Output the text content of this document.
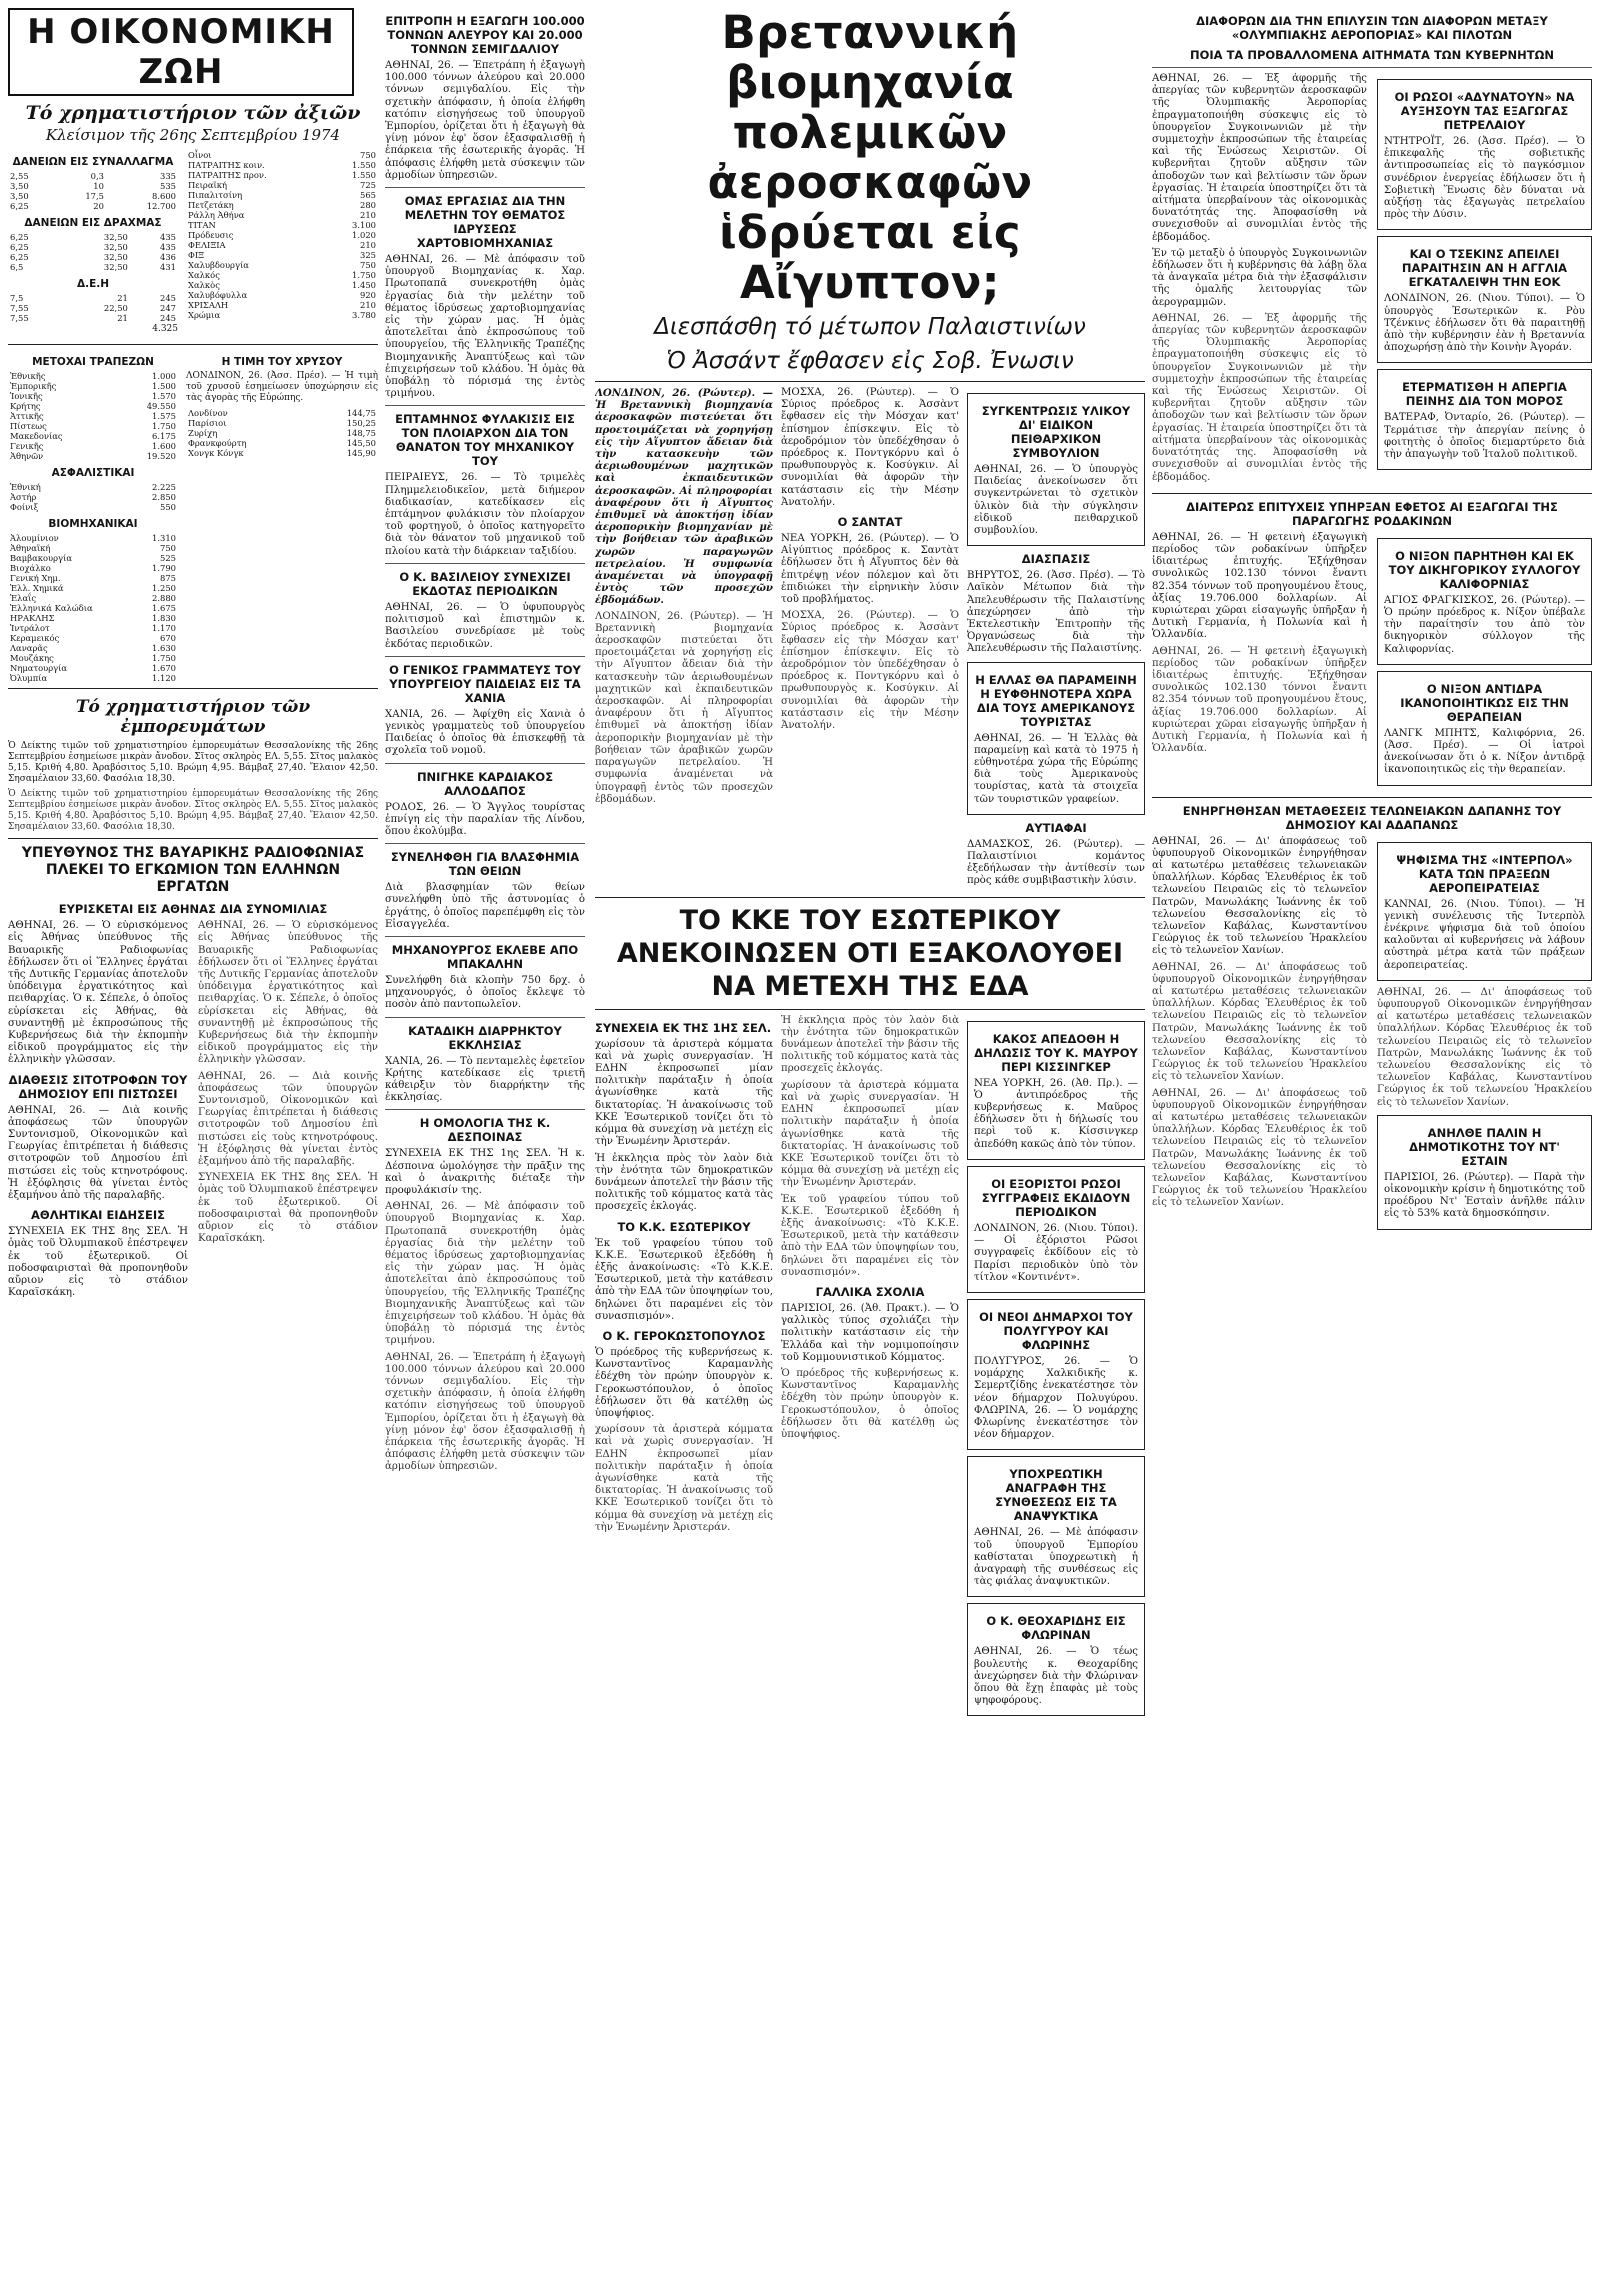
Η ΟΙΚΟΝΟΜΙΚΗ ΖΩΗ
Τό χρηματιστήριον τῶν ἀξιῶν
Κλείσιμον τῆς 26ης Σεπτεμβρίου 1974
ΔΑΝΕΙΩΝ ΕΙΣ ΣΥΝΑΛΛΑΓΜΑ
2,55	0,3	335
3,50	10	535
3,50	17,5	8.600
6,25	20	12.700
ΔΑΝΕΙΩΝ ΕΙΣ ΔΡΑΧΜΑΣ
6,25	32,50	435
6,25	32,50	435
6,25	32,50	436
6,5	32,50	431
Δ.Ε.Η
7,5	21	245
7,55	22,50	247
7,55	21	245
4.325
Οἶνοι	750
ΠΑΤΡΑΙΤΗΣ κοιν.	1.550
ΠΑΤΡΑΙΤΗΣ προν.	1.550
Πειραϊκή	725
Πιπαλιτσίνη	565
Πετζετάκη	280
Ράλλη Ἀθήνα	210
ΤΙΤΑΝ	3.100
Πρόδευσις	1.020
ΦΕΛΙΞΙΑ	210
ΦΙΞ	325
Χαλυβδουργία	750
Χαλκός	1.750
Χαλκὸς	1.450
Χαλυβόφυλλα	920
ΧΡΙΣΑΛΗ	210
Χρώμια	3.780
ΜΕΤΟΧΑΙ ΤΡΑΠΕΖΩΝ
Ἐθνικῆς	1.000
Ἐμπορικῆς	1.500
Ἰονικῆς	1.570
Κρήτης	49.550
Ἀττικῆς	1.575
Πίστεως	1.750
Μακεδονίας	6.175
Γενικῆς	1.600
Ἀθηνῶν	19.520
ΑΣΦΑΛΙΣΤΙΚΑΙ
Ἐθνική	2.225
Ἀστήρ	2.850
Φοίνιξ	550
ΒΙΟΜΗΧΑΝΙΚΑΙ
Ἀλουμίνιον	1.310
Ἀθηναϊκή	750
Βαμβακουργία	525
Βιοχάλκο	1.790
Γενική Χημ.	875
Ἑλλ. Χημικά	1.250
Ἐλαΐς	2.880
Ἑλληνικά Καλώδια	1.675
ΗΡΑΚΛΗΣ	1.830
Ἰντράλοτ	1.170
Κεραμεικός	670
Λαναρᾶς	1.630
Μουζάκης	1.750
Νηματουργία	1.670
Ὀλυμπία	1.120
Η ΤΙΜΗ ΤΟΥ ΧΡΥΣΟΥ
ΛΟΝΔΙΝΟΝ, 26. (Ἀσσ. Πρέσ). — Ἡ τιμὴ τοῦ χρυσοῦ ἐσημείωσεν ὑποχώρησιν εἰς τὰς ἀγορὰς τῆς Εὐρώπης.
Λονδίνον	144,75
Παρίσιοι	150,25
Ζυρίχη	148,75
Φρανκφούρτη	145,50
Χονγκ Κόνγκ	145,90
Τό χρηματιστήριον τῶν ἐμπορευμάτων
Ὁ Δείκτης τιμῶν τοῦ χρηματιστηρίου ἐμπορευμάτων Θεσσαλονίκης τῆς 26ης Σεπτεμβρίου ἐσημείωσε μικρὰν ἄνοδον. Σῖτος σκληρὸς ΕΛ. 5,55. Σῖτος μαλακὸς 5,15. Κριθή 4,80. Ἀραβόσιτος 5,10. Βρώμη 4,95. Βάμβαξ 27,40. Ἔλαιον 42,50. Σησαμέλαιον 33,60. Φασόλια 18,30.
Ὁ Δείκτης τιμῶν τοῦ χρηματιστηρίου ἐμπορευμάτων Θεσσαλονίκης τῆς 26ης Σεπτεμβρίου ἐσημείωσε μικρὰν ἄνοδον. Σῖτος σκληρὸς ΕΛ. 5,55. Σῖτος μαλακὸς 5,15. Κριθή 4,80. Ἀραβόσιτος 5,10. Βρώμη 4,95. Βάμβαξ 27,40. Ἔλαιον 42,50. Σησαμέλαιον 33,60. Φασόλια 18,30.
ΥΠΕΥΘΥΝΟΣ ΤΗΣ ΒΑΥΑΡΙΚΗΣ ΡΑΔΙΟΦΩΝΙΑΣ ΠΛΕΚΕΙ ΤΟ ΕΓΚΩΜΙΟΝ ΤΩΝ ΕΛΛΗΝΩΝ ΕΡΓΑΤΩΝ
ΕΥΡΙΣΚΕΤΑΙ ΕΙΣ ΑΘΗΝΑΣ ΔΙΑ ΣΥΝΟΜΙΛΙΑΣ

ΑΘΗΝΑΙ, 26. — Ὁ εὑρισκόμενος εἰς Ἀθήνας ὑπεύθυνος τῆς Βαυαρικῆς Ραδιοφωνίας ἐδήλωσεν ὅτι οἱ Ἕλληνες ἐργάται τῆς Δυτικῆς Γερμανίας ἀποτελοῦν ὑπόδειγμα ἐργατικότητος καὶ πειθαρχίας. Ὁ κ. Σέπελε, ὁ ὁποῖος εὑρίσκεται εἰς Ἀθήνας, θὰ συναντηθῇ μὲ ἐκπροσώπους τῆς Κυβερνήσεως διὰ τὴν ἐκπομπὴν εἰδικοῦ προγράμματος εἰς τὴν ἑλληνικὴν γλῶσσαν.

ΔΙΑΘΕΣΙΣ ΣΙΤΟΤΡΟΦΩΝ ΤΟΥ ΔΗΜΟΣΙΟΥ ΕΠΙ ΠΙΣΤΩΣΕΙ

ΑΘΗΝΑΙ, 26. — Διὰ κοινῆς ἀποφάσεως τῶν ὑπουργῶν Συντονισμοῦ, Οἰκονομικῶν καὶ Γεωργίας ἐπιτρέπεται ἡ διάθεσις σιτοτροφῶν τοῦ Δημοσίου ἐπὶ πιστώσει εἰς τοὺς κτηνοτρόφους. Ἡ ἐξόφλησις θὰ γίνεται ἐντὸς ἐξαμήνου ἀπὸ τῆς παραλαβῆς.

ΑΘΛΗΤΙΚΑΙ ΕΙΔΗΣΕΙΣ

ΣΥΝΕΧΕΙΑ ΕΚ ΤΗΣ 8ης ΣΕΛ. Ἡ ὁμὰς τοῦ Ὀλυμπιακοῦ ἐπέστρεψεν ἐκ τοῦ ἐξωτερικοῦ. Οἱ ποδοσφαιρισταὶ θὰ προπονηθοῦν αὔριον εἰς τὸ στάδιον Καραϊσκάκη.

ΑΘΗΝΑΙ, 26. — Ὁ εὑρισκόμενος εἰς Ἀθήνας ὑπεύθυνος τῆς Βαυαρικῆς Ραδιοφωνίας ἐδήλωσεν ὅτι οἱ Ἕλληνες ἐργάται τῆς Δυτικῆς Γερμανίας ἀποτελοῦν ὑπόδειγμα ἐργατικότητος καὶ πειθαρχίας. Ὁ κ. Σέπελε, ὁ ὁποῖος εὑρίσκεται εἰς Ἀθήνας, θὰ συναντηθῇ μὲ ἐκπροσώπους τῆς Κυβερνήσεως διὰ τὴν ἐκπομπὴν εἰδικοῦ προγράμματος εἰς τὴν ἑλληνικὴν γλῶσσαν.

ΑΘΗΝΑΙ, 26. — Διὰ κοινῆς ἀποφάσεως τῶν ὑπουργῶν Συντονισμοῦ, Οἰκονομικῶν καὶ Γεωργίας ἐπιτρέπεται ἡ διάθεσις σιτοτροφῶν τοῦ Δημοσίου ἐπὶ πιστώσει εἰς τοὺς κτηνοτρόφους. Ἡ ἐξόφλησις θὰ γίνεται ἐντὸς ἐξαμήνου ἀπὸ τῆς παραλαβῆς.

ΣΥΝΕΧΕΙΑ ΕΚ ΤΗΣ 8ης ΣΕΛ. Ἡ ὁμὰς τοῦ Ὀλυμπιακοῦ ἐπέστρεψεν ἐκ τοῦ ἐξωτερικοῦ. Οἱ ποδοσφαιρισταὶ θὰ προπονηθοῦν αὔριον εἰς τὸ στάδιον Καραϊσκάκη.

ΕΠΙΤΡΟΠΗ Η ΕΞΑΓΩΓΗ 100.000 ΤΟΝΝΩΝ ΑΛΕΥΡΟΥ ΚΑΙ 20.000 ΤΟΝΝΩΝ ΣΕΜΙΓΔΑΛΙΟΥ

ΑΘΗΝΑΙ, 26. — Ἐπετράπη ἡ ἐξαγωγὴ 100.000 τόννων ἀλεύρου καὶ 20.000 τόννων σεμιγδαλίου. Εἰς τὴν σχετικὴν ἀπόφασιν, ἡ ὁποία ἐλήφθη κατόπιν εἰσηγήσεως τοῦ ὑπουργοῦ Ἐμπορίου, ὁρίζεται ὅτι ἡ ἐξαγωγὴ θὰ γίνῃ μόνον ἐφ' ὅσον ἐξασφαλισθῇ ἡ ἐπάρκεια τῆς ἐσωτερικῆς ἀγορᾶς. Ἡ ἀπόφασις ἐλήφθη μετὰ σύσκεψιν τῶν ἁρμοδίων ὑπηρεσιῶν.

ΟΜΑΣ ΕΡΓΑΣΙΑΣ ΔΙΑ ΤΗΝ ΜΕΛΕΤΗΝ ΤΟΥ ΘΕΜΑΤΟΣ ΙΔΡΥΣΕΩΣ ΧΑΡΤΟΒΙΟΜΗΧΑΝΙΑΣ

ΑΘΗΝΑΙ, 26. — Μὲ ἀπόφασιν τοῦ ὑπουργοῦ Βιομηχανίας κ. Χαρ. Πρωτοπαπᾶ συνεκροτήθη ὁμὰς ἐργασίας διὰ τὴν μελέτην τοῦ θέματος ἱδρύσεως χαρτοβιομηχανίας εἰς τὴν χώραν μας. Ἡ ὁμὰς ἀποτελεῖται ἀπὸ ἐκπροσώπους τοῦ ὑπουργείου, τῆς Ἑλληνικῆς Τραπέζης Βιομηχανικῆς Ἀναπτύξεως καὶ τῶν ἐπιχειρήσεων τοῦ κλάδου. Ἡ ὁμὰς θὰ ὑποβάλῃ τὸ πόρισμά της ἐντὸς τριμήνου.

ΕΠΤΑΜΗΝΟΣ ΦΥΛΑΚΙΣΙΣ ΕΙΣ ΤΟΝ ΠΛΟΙΑΡΧΟΝ ΔΙΑ ΤΟΝ ΘΑΝΑΤΟΝ ΤΟΥ ΜΗΧΑΝΙΚΟΥ ΤΟΥ

ΠΕΙΡΑΙΕΥΣ, 26. — Τὸ τριμελὲς Πλημμελειοδικεῖον, μετὰ διήμερον διαδικασίαν, κατεδίκασεν εἰς ἑπτάμηνον φυλάκισιν τὸν πλοίαρχον τοῦ φορτηγοῦ, ὁ ὁποῖος κατηγορεῖτο διὰ τὸν θάνατον τοῦ μηχανικοῦ τοῦ πλοίου κατὰ τὴν διάρκειαν ταξιδίου.

Ο Κ. ΒΑΣΙΛΕΙΟΥ ΣΥΝΕΧΙΖΕΙ ΕΚΔΟΤΑΣ ΠΕΡΙΟΔΙΚΩΝ

ΑΘΗΝΑΙ, 26. — Ὁ ὑφυπουργὸς πολιτισμοῦ καὶ ἐπιστημῶν κ. Βασιλείου συνεδρίασε μὲ τοὺς ἐκδότας περιοδικῶν.

Ο ΓΕΝΙΚΟΣ ΓΡΑΜΜΑΤΕΥΣ ΤΟΥ ΥΠΟΥΡΓΕΙΟΥ ΠΑΙΔΕΙΑΣ ΕΙΣ ΤΑ ΧΑΝΙΑ

ΧΑΝΙΑ, 26. — Ἀφίχθη εἰς Χανιὰ ὁ γενικὸς γραμματεὺς τοῦ ὑπουργείου Παιδείας ὁ ὁποῖος θὰ ἐπισκεφθῇ τὰ σχολεῖα τοῦ νομοῦ.

ΠΝΙΓΗΚΕ ΚΑΡΔΙΑΚΟΣ ΑΛΛΟΔΑΠΟΣ

ΡΟΔΟΣ, 26. — Ὁ Ἄγγλος τουρίστας ἐπνίγη εἰς τὴν παραλίαν τῆς Λίνδου, ὅπου ἐκολύμβα.

ΣΥΝΕΛΗΦΘΗ ΓΙΑ ΒΛΑΣΦΗΜΙΑ ΤΩΝ ΘΕΙΩΝ

Διὰ βλασφημίαν τῶν θείων συνελήφθη ὑπὸ τῆς ἀστυνομίας ὁ ἐργάτης, ὁ ὁποῖος παρεπέμφθη εἰς τὸν Εἰσαγγελέα.

ΜΗΧΑΝΟΥΡΓΟΣ ΕΚΛΕΒΕ ΑΠΟ ΜΠΑΚΑΛΗΝ

Συνελήφθη διὰ κλοπὴν 750 δρχ. ὁ μηχανουργός, ὁ ὁποῖος ἔκλεψε τὸ ποσὸν ἀπὸ παντοπωλεῖον.

ΚΑΤΑΔΙΚΗ ΔΙΑΡΡΗΚΤΟΥ ΕΚΚΛΗΣΙΑΣ

ΧΑΝΙΑ, 26. — Τὸ πενταμελὲς ἐφετεῖον Κρήτης κατεδίκασε εἰς τριετῆ κάθειρξιν τὸν διαρρήκτην τῆς ἐκκλησίας.

Η ΟΜΟΛΟΓΙΑ ΤΗΣ Κ. ΔΕΣΠΟΙΝΑΣ

ΣΥΝΕΧΕΙΑ ΕΚ ΤΗΣ 1ης ΣΕΛ. Ἡ κ. Δέσποινα ὡμολόγησε τὴν πρᾶξιν της καὶ ὁ ἀνακριτὴς διέταξε τὴν προφυλάκισίν της.

ΑΘΗΝΑΙ, 26. — Μὲ ἀπόφασιν τοῦ ὑπουργοῦ Βιομηχανίας κ. Χαρ. Πρωτοπαπᾶ συνεκροτήθη ὁμὰς ἐργασίας διὰ τὴν μελέτην τοῦ θέματος ἱδρύσεως χαρτοβιομηχανίας εἰς τὴν χώραν μας. Ἡ ὁμὰς ἀποτελεῖται ἀπὸ ἐκπροσώπους τοῦ ὑπουργείου, τῆς Ἑλληνικῆς Τραπέζης Βιομηχανικῆς Ἀναπτύξεως καὶ τῶν ἐπιχειρήσεων τοῦ κλάδου. Ἡ ὁμὰς θὰ ὑποβάλῃ τὸ πόρισμά της ἐντὸς τριμήνου.

ΑΘΗΝΑΙ, 26. — Ἐπετράπη ἡ ἐξαγωγὴ 100.000 τόννων ἀλεύρου καὶ 20.000 τόννων σεμιγδαλίου. Εἰς τὴν σχετικὴν ἀπόφασιν, ἡ ὁποία ἐλήφθη κατόπιν εἰσηγήσεως τοῦ ὑπουργοῦ Ἐμπορίου, ὁρίζεται ὅτι ἡ ἐξαγωγὴ θὰ γίνῃ μόνον ἐφ' ὅσον ἐξασφαλισθῇ ἡ ἐπάρκεια τῆς ἐσωτερικῆς ἀγορᾶς. Ἡ ἀπόφασις ἐλήφθη μετὰ σύσκεψιν τῶν ἁρμοδίων ὑπηρεσιῶν.

Βρεταννική βιομηχανία πολεμικῶν ἀεροσκαφῶν ἱδρύεται εἰς Αἴγυπτον;
Διεσπάσθη τό μέτωπον Παλαιστινίων
Ὁ Ἀσσάντ ἔφθασεν εἰς Σοβ. Ἐνωσιν

ΛΟΝΔΙΝΟΝ, 26. (Ρώυτερ). — Ἡ Βρεταννικὴ βιομηχανία ἀεροσκαφῶν πιστεύεται ὅτι προετοιμάζεται νὰ χορηγήσῃ εἰς τὴν Αἴγυπτον ἄδειαν διὰ τὴν κατασκευὴν τῶν ἀεριωθουμένων μαχητικῶν καὶ ἐκπαιδευτικῶν ἀεροσκαφῶν. Αἱ πληροφορίαι ἀναφέρουν ὅτι ἡ Αἴγυπτος ἐπιθυμεῖ νὰ ἀποκτήσῃ ἰδίαν ἀεροπορικὴν βιομηχανίαν μὲ τὴν βοήθειαν τῶν ἀραβικῶν χωρῶν παραγωγῶν πετρελαίου. Ἡ συμφωνία ἀναμένεται νὰ ὑπογραφῇ ἐντὸς τῶν προσεχῶν ἑβδομάδων.

ΛΟΝΔΙΝΟΝ, 26. (Ρώυτερ). — Ἡ Βρεταννικὴ βιομηχανία ἀεροσκαφῶν πιστεύεται ὅτι προετοιμάζεται νὰ χορηγήσῃ εἰς τὴν Αἴγυπτον ἄδειαν διὰ τὴν κατασκευὴν τῶν ἀεριωθουμένων μαχητικῶν καὶ ἐκπαιδευτικῶν ἀεροσκαφῶν. Αἱ πληροφορίαι ἀναφέρουν ὅτι ἡ Αἴγυπτος ἐπιθυμεῖ νὰ ἀποκτήσῃ ἰδίαν ἀεροπορικὴν βιομηχανίαν μὲ τὴν βοήθειαν τῶν ἀραβικῶν χωρῶν παραγωγῶν πετρελαίου. Ἡ συμφωνία ἀναμένεται νὰ ὑπογραφῇ ἐντὸς τῶν προσεχῶν ἑβδομάδων.

ΜΟΣΧΑ, 26. (Ρώυτερ). — Ὁ Σύριος πρόεδρος κ. Ἀσσὰντ ἔφθασεν εἰς τὴν Μόσχαν κατ' ἐπίσημον ἐπίσκεψιν. Εἰς τὸ ἀεροδρόμιον τὸν ὑπεδέχθησαν ὁ πρόεδρος κ. Ποντγκόρνυ καὶ ὁ πρωθυπουργὸς κ. Κοσύγκιν. Αἱ συνομιλίαι θὰ ἀφορῶν τὴν κατάστασιν εἰς τὴν Μέσην Ἀνατολήν.

Ο ΣΑΝΤΑΤ

ΝΕΑ ΥΟΡΚΗ, 26. (Ρώυτερ). — Ὁ Αἰγύπτιος πρόεδρος κ. Σαντὰτ ἐδήλωσεν ὅτι ἡ Αἴγυπτος δὲν θὰ ἐπιτρέψῃ νέον πόλεμον καὶ ὅτι ἐπιδιώκει τὴν εἰρηνικὴν λύσιν τοῦ προβλήματος.

ΜΟΣΧΑ, 26. (Ρώυτερ). — Ὁ Σύριος πρόεδρος κ. Ἀσσὰντ ἔφθασεν εἰς τὴν Μόσχαν κατ' ἐπίσημον ἐπίσκεψιν. Εἰς τὸ ἀεροδρόμιον τὸν ὑπεδέχθησαν ὁ πρόεδρος κ. Ποντγκόρνυ καὶ ὁ πρωθυπουργὸς κ. Κοσύγκιν. Αἱ συνομιλίαι θὰ ἀφορῶν τὴν κατάστασιν εἰς τὴν Μέσην Ἀνατολήν.

ΣΥΓΚΕΝΤΡΩΣΙΣ ΥΛΙΚΟΥ ΔΙ' ΕΙΔΙΚΟΝ ΠΕΙΘΑΡΧΙΚΟΝ ΣΥΜΒΟΥΛΙΟΝ

ΑΘΗΝΑΙ, 26. — Ὁ ὑπουργὸς Παιδείας ἀνεκοίνωσεν ὅτι συγκεντρώνεται τὸ σχετικὸν ὑλικὸν διὰ τὴν σύγκλησιν εἰδικοῦ πειθαρχικοῦ συμβουλίου.

ΔΙΑΣΠΑΣΙΣ

ΒΗΡΥΤΟΣ, 26. (Ἀσσ. Πρέσ). — Τὸ Λαϊκὸν Μέτωπον διὰ τὴν Ἀπελευθέρωσιν τῆς Παλαιστίνης ἀπεχώρησεν ἀπὸ τὴν Ἐκτελεστικὴν Ἐπιτροπὴν τῆς Ὀργανώσεως διὰ τὴν Ἀπελευθέρωσιν τῆς Παλαιστίνης.

Η ΕΛΛΑΣ ΘΑ ΠΑΡΑΜΕΙΝΗ Η ΕΥΦΘΗΝΟΤΕΡΑ ΧΩΡΑ ΔΙΑ ΤΟΥΣ ΑΜΕΡΙΚΑΝΟΥΣ ΤΟΥΡΙΣΤΑΣ

ΑΘΗΝΑΙ, 26. — Ἡ Ἑλλὰς θὰ παραμείνῃ καὶ κατὰ τὸ 1975 ἡ εὐθηνοτέρα χώρα τῆς Εὐρώπης διὰ τοὺς Ἀμερικανοὺς τουρίστας, κατὰ τὰ στοιχεῖα τῶν τουριστικῶν γραφείων.

ΑΥΤΙΑΦΑΙ

ΔΑΜΑΣΚΟΣ, 26. (Ρώυτερ). — Παλαιστίνιοι κομάντος ἐξεδήλωσαν τὴν ἀντίθεσίν των πρὸς κάθε συμβιβαστικὴν λύσιν.

ΤΟ ΚΚΕ ΤΟΥ ΕΣΩΤΕΡΙΚΟΥ ΑΝΕΚΟΙΝΩΣΕΝ ΟΤΙ ΕΞΑΚΟΛΟΥΘΕΙ ΝΑ ΜΕΤΕΧΗ ΤΗΣ ΕΔΑ
ΣΥΝΕΧΕΙΑ ΕΚ ΤΗΣ 1ΗΣ ΣΕΛ.

χωρίσουν τὰ ἀριστερὰ κόμματα καὶ νὰ χωρὶς συνεργασίαν. Ἡ ΕΔΗΝ ἐκπροσωπεῖ μίαν πολιτικὴν παράταξιν ἡ ὁποία ἀγωνίσθηκε κατὰ τῆς δικτατορίας. Ἡ ἀνακοίνωσις τοῦ ΚΚΕ Ἐσωτερικοῦ τονίζει ὅτι τὸ κόμμα θὰ συνεχίσῃ νὰ μετέχῃ εἰς τὴν Ἑνωμένην Ἀριστεράν.

Ἡ ἐκκληςια πρὸς τὸν λαὸν διὰ τὴν ἑνότητα τῶν δημοκρατικῶν δυνάμεων ἀποτελεῖ τὴν βάσιν τῆς πολιτικῆς τοῦ κόμματος κατὰ τὰς προσεχεῖς ἐκλογάς.

ΤΟ Κ.Κ. ΕΣΩΤΕΡΙΚΟΥ

Ἐκ τοῦ γραφείου τύπου τοῦ Κ.Κ.Ε. Ἐσωτερικοῦ ἐξεδόθη ἡ ἑξῆς ἀνακοίνωσις: «Τὸ Κ.Κ.Ε. Ἐσωτερικοῦ, μετὰ τὴν κατάθεσιν ἀπὸ τὴν ΕΔΑ τῶν ὑποψηφίων του, δηλώνει ὅτι παραμένει εἰς τὸν συνασπισμόν».

Ο Κ. ΓΕΡΟΚΩΣΤΟΠΟΥΛΟΣ

Ὁ πρόεδρος τῆς κυβερνήσεως κ. Κωνσταντῖνος Καραμανλὴς ἐδέχθη τὸν πρώην ὑπουργὸν κ. Γεροκωστόπουλον, ὁ ὁποῖος ἐδήλωσεν ὅτι θὰ κατέλθῃ ὡς ὑποψήφιος.

χωρίσουν τὰ ἀριστερὰ κόμματα καὶ νὰ χωρὶς συνεργασίαν. Ἡ ΕΔΗΝ ἐκπροσωπεῖ μίαν πολιτικὴν παράταξιν ἡ ὁποία ἀγωνίσθηκε κατὰ τῆς δικτατορίας. Ἡ ἀνακοίνωσις τοῦ ΚΚΕ Ἐσωτερικοῦ τονίζει ὅτι τὸ κόμμα θὰ συνεχίσῃ νὰ μετέχῃ εἰς τὴν Ἑνωμένην Ἀριστεράν.

Ἡ ἐκκληςια πρὸς τὸν λαὸν διὰ τὴν ἑνότητα τῶν δημοκρατικῶν δυνάμεων ἀποτελεῖ τὴν βάσιν τῆς πολιτικῆς τοῦ κόμματος κατὰ τὰς προσεχεῖς ἐκλογάς.

χωρίσουν τὰ ἀριστερὰ κόμματα καὶ νὰ χωρὶς συνεργασίαν. Ἡ ΕΔΗΝ ἐκπροσωπεῖ μίαν πολιτικὴν παράταξιν ἡ ὁποία ἀγωνίσθηκε κατὰ τῆς δικτατορίας. Ἡ ἀνακοίνωσις τοῦ ΚΚΕ Ἐσωτερικοῦ τονίζει ὅτι τὸ κόμμα θὰ συνεχίσῃ νὰ μετέχῃ εἰς τὴν Ἑνωμένην Ἀριστεράν.

Ἐκ τοῦ γραφείου τύπου τοῦ Κ.Κ.Ε. Ἐσωτερικοῦ ἐξεδόθη ἡ ἑξῆς ἀνακοίνωσις: «Τὸ Κ.Κ.Ε. Ἐσωτερικοῦ, μετὰ τὴν κατάθεσιν ἀπὸ τὴν ΕΔΑ τῶν ὑποψηφίων του, δηλώνει ὅτι παραμένει εἰς τὸν συνασπισμόν».

ΓΑΛΛΙΚΑ ΣΧΟΛΙΑ

ΠΑΡΙΣΙΟΙ, 26. (Ἀθ. Πρακτ.). — Ὁ γαλλικὸς τύπος σχολιάζει τὴν πολιτικὴν κατάστασιν εἰς τὴν Ἑλλάδα καὶ τὴν νομιμοποίησιν τοῦ Κομμουνιστικοῦ Κόμματος.

Ὁ πρόεδρος τῆς κυβερνήσεως κ. Κωνσταντῖνος Καραμανλὴς ἐδέχθη τὸν πρώην ὑπουργὸν κ. Γεροκωστόπουλον, ὁ ὁποῖος ἐδήλωσεν ὅτι θὰ κατέλθῃ ὡς ὑποψήφιος.

ΚΑΚΟΣ ΑΠΕΔΟΘΗ Η ΔΗΛΩΣΙΣ ΤΟΥ Κ. ΜΑΥΡΟΥ ΠΕΡΙ ΚΙΣΣΙΝΓΚΕΡ

ΝΕΑ ΥΟΡΚΗ, 26. (Ἀθ. Πρ.). — Ὁ ἀντιπρόεδρος τῆς κυβερνήσεως κ. Μαῦρος ἐδήλωσεν ὅτι ἡ δήλωσίς του περὶ τοῦ κ. Κίσσινγκερ ἀπεδόθη κακῶς ἀπὸ τὸν τύπον.

ΟΙ ΕΞΟΡΙΣΤΟΙ ΡΩΣΟΙ ΣΥΓΓΡΑΦΕΙΣ ΕΚΔΙΔΟΥΝ ΠΕΡΙΟΔΙΚΟΝ

ΛΟΝΔΙΝΟΝ, 26. (Νιου. Τύποι). — Οἱ ἐξόριστοι Ρῶσοι συγγραφεῖς ἐκδίδουν εἰς τὸ Παρίσι περιοδικὸν ὑπὸ τὸν τίτλον «Κοντινέντ».

ΟΙ ΝΕΟΙ ΔΗΜΑΡΧΟΙ ΤΟΥ ΠΟΛΥΓΥΡΟΥ ΚΑΙ ΦΛΩΡΙΝΗΣ

ΠΟΛΥΓΥΡΟΣ, 26. — Ὁ νομάρχης Χαλκιδικῆς κ. Σεμερτζίδης ἐνεκατέστησε τὸν νέον δήμαρχον Πολυγύρου. ΦΛΩΡΙΝΑ, 26. — Ὁ νομάρχης Φλωρίνης ἐνεκατέστησε τὸν νέον δήμαρχον.

ΥΠΟΧΡΕΩΤΙΚΗ ΑΝΑΓΡΑΦΗ ΤΗΣ ΣΥΝΘΕΣΕΩΣ ΕΙΣ ΤΑ ΑΝΑΨΥΚΤΙΚΑ

ΑΘΗΝΑΙ, 26. — Μὲ ἀπόφασιν τοῦ ὑπουργοῦ Ἐμπορίου καθίσταται ὑποχρεωτικὴ ἡ ἀναγραφὴ τῆς συνθέσεως εἰς τὰς φιάλας ἀναψυκτικῶν.

Ο Κ. ΘΕΟΧΑΡΙΔΗΣ ΕΙΣ ΦΛΩΡΙΝΑΝ

ΑΘΗΝΑΙ, 26. — Ὁ τέως βουλευτὴς κ. Θεοχαρίδης ἀνεχώρησεν διὰ τὴν Φλώριναν ὅπου θὰ ἔχῃ ἐπαφὰς μὲ τοὺς ψηφοφόρους.

ΔΙΑΦΟΡΩΝ ΔΙΑ ΤΗΝ ΕΠΙΛΥΣΙΝ ΤΩΝ ΔΙΑΦΟΡΩΝ ΜΕΤΑΞΥ «ΟΛΥΜΠΙΑΚΗΣ ΑΕΡΟΠΟΡΙΑΣ» ΚΑΙ ΠΙΛΟΤΩΝ
ΠΟΙΑ ΤΑ ΠΡΟΒΑΛΛΟΜΕΝΑ ΑΙΤΗΜΑΤΑ ΤΩΝ ΚΥΒΕΡΝΗΤΩΝ

ΑΘΗΝΑΙ, 26. — Ἐξ ἀφορμῆς τῆς ἀπεργίας τῶν κυβερνητῶν ἀεροσκαφῶν τῆς Ὀλυμπιακῆς Ἀεροπορίας ἐπραγματοποιήθη σύσκεψις εἰς τὸ ὑπουργεῖον Συγκοινωνιῶν μὲ τὴν συμμετοχὴν ἐκπροσώπων τῆς ἑταιρείας καὶ τῆς Ἑνώσεως Χειριστῶν. Οἱ κυβερνῆται ζητοῦν αὔξησιν τῶν ἀποδοχῶν των καὶ βελτίωσιν τῶν ὅρων ἐργασίας. Ἡ ἑταιρεία ὑποστηρίζει ὅτι τὰ αἰτήματα ὑπερβαίνουν τὰς οἰκονομικὰς δυνατότητάς της. Ἀποφασίσθη νὰ συνεχισθοῦν αἱ συνομιλίαι ἐντὸς τῆς ἑβδομάδος.

Ἐν τῷ μεταξὺ ὁ ὑπουργὸς Συγκοινωνιῶν ἐδήλωσεν ὅτι ἡ κυβέρνησις θὰ λάβῃ ὅλα τὰ ἀναγκαῖα μέτρα διὰ τὴν ἐξασφάλισιν τῆς ὁμαλῆς λειτουργίας τῶν ἀερογραμμῶν.

ΑΘΗΝΑΙ, 26. — Ἐξ ἀφορμῆς τῆς ἀπεργίας τῶν κυβερνητῶν ἀεροσκαφῶν τῆς Ὀλυμπιακῆς Ἀεροπορίας ἐπραγματοποιήθη σύσκεψις εἰς τὸ ὑπουργεῖον Συγκοινωνιῶν μὲ τὴν συμμετοχὴν ἐκπροσώπων τῆς ἑταιρείας καὶ τῆς Ἑνώσεως Χειριστῶν. Οἱ κυβερνῆται ζητοῦν αὔξησιν τῶν ἀποδοχῶν των καὶ βελτίωσιν τῶν ὅρων ἐργασίας. Ἡ ἑταιρεία ὑποστηρίζει ὅτι τὰ αἰτήματα ὑπερβαίνουν τὰς οἰκονομικὰς δυνατότητάς της. Ἀποφασίσθη νὰ συνεχισθοῦν αἱ συνομιλίαι ἐντὸς τῆς ἑβδομάδος.

ΟΙ ΡΩΣΟΙ «ΑΔΥΝΑΤΟΥΝ» ΝΑ ΑΥΞΗΣΟΥΝ ΤΑΣ ΕΞΑΓΩΓΑΣ ΠΕΤΡΕΛΑΙΟΥ

ΝΤΗΤΡΟΪΤ, 26. (Ἀσσ. Πρέσ). — Ὁ ἐπικεφαλῆς τῆς σοβιετικῆς ἀντιπροσωπείας εἰς τὸ παγκόσμιον συνέδριον ἐνεργείας ἐδήλωσεν ὅτι ἡ Σοβιετικὴ Ἕνωσις δὲν δύναται νὰ αὐξήσῃ τὰς ἐξαγωγὰς πετρελαίου πρὸς τὴν Δύσιν.

ΚΑΙ Ο ΤΣΕΚΙΝΣ ΑΠΕΙΛΕΙ ΠΑΡΑΙΤΗΣΙΝ ΑΝ Η ΑΓΓΛΙΑ ΕΓΚΑΤΑΛΕΙΨΗ ΤΗΝ ΕΟΚ

ΛΟΝΔΙΝΟΝ, 26. (Νιου. Τύποι). — Ὁ ὑπουργὸς Ἐσωτερικῶν κ. Ρὸυ Τζένκινς ἐδήλωσεν ὅτι θὰ παραιτηθῇ ἀπὸ τὴν κυβέρνησιν ἐὰν ἡ Βρεταννία ἀποχωρήσῃ ἀπὸ τὴν Κοινὴν Ἀγοράν.

ΕΤΕΡΜΑΤΙΣΘΗ Η ΑΠΕΡΓΙΑ ΠΕΙΝΗΣ ΔΙΑ ΤΟΝ ΜΟΡΟΣ

ΒΑΤΕΡΑΦ, Ὀνταρίο, 26. (Ρώυτερ). — Τερμάτισε τὴν ἀπεργίαν πείνης ὁ φοιτητὴς ὁ ὁποῖος διεμαρτύρετο διὰ τὴν ἀπαγωγὴν τοῦ Ἰταλοῦ πολιτικοῦ.

ΔΙΑΙΤΕΡΩΣ ΕΠΙΤΥΧΕΙΣ ΥΠΗΡΞΑΝ ΕΦΕΤΟΣ ΑΙ ΕΞΑΓΩΓΑΙ ΤΗΣ ΠΑΡΑΓΩΓΗΣ ΡΟΔΑΚΙΝΩΝ

ΑΘΗΝΑΙ, 26. — Ἡ φετεινὴ ἐξαγωγικὴ περίοδος τῶν ροδακίνων ὑπῆρξεν ἰδιαιτέρως ἐπιτυχής. Ἐξήχθησαν συνολικῶς 102.130 τόννοι ἔναντι 82.354 τόννων τοῦ προηγουμένου ἔτους, ἀξίας 19.706.000 δολλαρίων. Αἱ κυριώτεραι χῶραι εἰσαγωγῆς ὑπῆρξαν ἡ Δυτικὴ Γερμανία, ἡ Πολωνία καὶ ἡ Ὁλλανδία.

ΑΘΗΝΑΙ, 26. — Ἡ φετεινὴ ἐξαγωγικὴ περίοδος τῶν ροδακίνων ὑπῆρξεν ἰδιαιτέρως ἐπιτυχής. Ἐξήχθησαν συνολικῶς 102.130 τόννοι ἔναντι 82.354 τόννων τοῦ προηγουμένου ἔτους, ἀξίας 19.706.000 δολλαρίων. Αἱ κυριώτεραι χῶραι εἰσαγωγῆς ὑπῆρξαν ἡ Δυτικὴ Γερμανία, ἡ Πολωνία καὶ ἡ Ὁλλανδία.

Ο ΝΙΞΟΝ ΠΑΡΗΤΗΘΗ ΚΑΙ ΕΚ ΤΟΥ ΔΙΚΗΓΟΡΙΚΟΥ ΣΥΛΛΟΓΟΥ ΚΑΛΙΦΟΡΝΙΑΣ

ΑΓΙΟΣ ΦΡΑΓΚΙΣΚΟΣ, 26. (Ρώυτερ). — Ὁ πρώην πρόεδρος κ. Νίξον ὑπέβαλε τὴν παραίτησίν του ἀπὸ τὸν δικηγορικὸν σύλλογον τῆς Καλιφορνίας.

Ο ΝΙΞΟΝ ΑΝΤΙΔΡΑ ΙΚΑΝΟΠΟΙΗΤΙΚΩΣ ΕΙΣ ΤΗΝ ΘΕΡΑΠΕΙΑΝ

ΛΑΝΓΚ ΜΠΗΤΣ, Καλιφόρνια, 26. (Ἀσσ. Πρέσ). — Οἱ ἰατροὶ ἀνεκοίνωσαν ὅτι ὁ κ. Νίξον ἀντιδρᾷ ἱκανοποιητικῶς εἰς τὴν θεραπείαν.

ΕΝΗΡΓΗΘΗΣΑΝ ΜΕΤΑΘΕΣΕΙΣ ΤΕΛΩΝΕΙΑΚΩΝ ΔΑΠΑΝΗΣ ΤΟΥ ΔΗΜΟΣΙΟΥ ΚΑΙ ΑΔΑΠΑΝΩΣ

ΑΘΗΝΑΙ, 26. — Δι' ἀποφάσεως τοῦ ὑφυπουργοῦ Οἰκονομικῶν ἐνηργήθησαν αἱ κατωτέρω μεταθέσεις τελωνειακῶν ὑπαλλήλων. Κόρδας Ἐλευθέριος ἐκ τοῦ τελωνείου Πειραιῶς εἰς τὸ τελωνεῖον Πατρῶν, Μανωλάκης Ἰωάννης ἐκ τοῦ τελωνείου Θεσσαλονίκης εἰς τὸ τελωνεῖον Καβάλας, Κωνσταντίνου Γεώργιος ἐκ τοῦ τελωνείου Ἡρακλείου εἰς τὸ τελωνεῖον Χανίων.

ΑΘΗΝΑΙ, 26. — Δι' ἀποφάσεως τοῦ ὑφυπουργοῦ Οἰκονομικῶν ἐνηργήθησαν αἱ κατωτέρω μεταθέσεις τελωνειακῶν ὑπαλλήλων. Κόρδας Ἐλευθέριος ἐκ τοῦ τελωνείου Πειραιῶς εἰς τὸ τελωνεῖον Πατρῶν, Μανωλάκης Ἰωάννης ἐκ τοῦ τελωνείου Θεσσαλονίκης εἰς τὸ τελωνεῖον Καβάλας, Κωνσταντίνου Γεώργιος ἐκ τοῦ τελωνείου Ἡρακλείου εἰς τὸ τελωνεῖον Χανίων.

ΑΘΗΝΑΙ, 26. — Δι' ἀποφάσεως τοῦ ὑφυπουργοῦ Οἰκονομικῶν ἐνηργήθησαν αἱ κατωτέρω μεταθέσεις τελωνειακῶν ὑπαλλήλων. Κόρδας Ἐλευθέριος ἐκ τοῦ τελωνείου Πειραιῶς εἰς τὸ τελωνεῖον Πατρῶν, Μανωλάκης Ἰωάννης ἐκ τοῦ τελωνείου Θεσσαλονίκης εἰς τὸ τελωνεῖον Καβάλας, Κωνσταντίνου Γεώργιος ἐκ τοῦ τελωνείου Ἡρακλείου εἰς τὸ τελωνεῖον Χανίων.

ΨΗΦΙΣΜΑ ΤΗΣ «ΙΝΤΕΡΠΟΛ» ΚΑΤΑ ΤΩΝ ΠΡΑΞΕΩΝ ΑΕΡΟΠΕΙΡΑΤΕΙΑΣ

ΚΑΝΝΑΙ, 26. (Νιου. Τύποι). — Ἡ γενικὴ συνέλευσις τῆς Ἰντερπὸλ ἐνέκρινε ψήφισμα διὰ τοῦ ὁποίου καλοῦνται αἱ κυβερνήσεις νὰ λάβουν αὐστηρὰ μέτρα κατὰ τῶν πράξεων ἀεροπειρατείας.

ΑΘΗΝΑΙ, 26. — Δι' ἀποφάσεως τοῦ ὑφυπουργοῦ Οἰκονομικῶν ἐνηργήθησαν αἱ κατωτέρω μεταθέσεις τελωνειακῶν ὑπαλλήλων. Κόρδας Ἐλευθέριος ἐκ τοῦ τελωνείου Πειραιῶς εἰς τὸ τελωνεῖον Πατρῶν, Μανωλάκης Ἰωάννης ἐκ τοῦ τελωνείου Θεσσαλονίκης εἰς τὸ τελωνεῖον Καβάλας, Κωνσταντίνου Γεώργιος ἐκ τοῦ τελωνείου Ἡρακλείου εἰς τὸ τελωνεῖον Χανίων.

ΑΝΗΛΘΕ ΠΑΛΙΝ Η ΔΗΜΟΤΙΚΟΤΗΣ ΤΟΥ ΝΤ' ΕΣΤΑΙΝ

ΠΑΡΙΣΙΟΙ, 26. (Ρώυτερ). — Παρὰ τὴν οἰκονομικὴν κρίσιν ἡ δημοτικότης τοῦ προέδρου Ντ' Ἐσταὶν ἀνῆλθε πάλιν εἰς τὸ 53% κατὰ δημοσκόπησιν.
